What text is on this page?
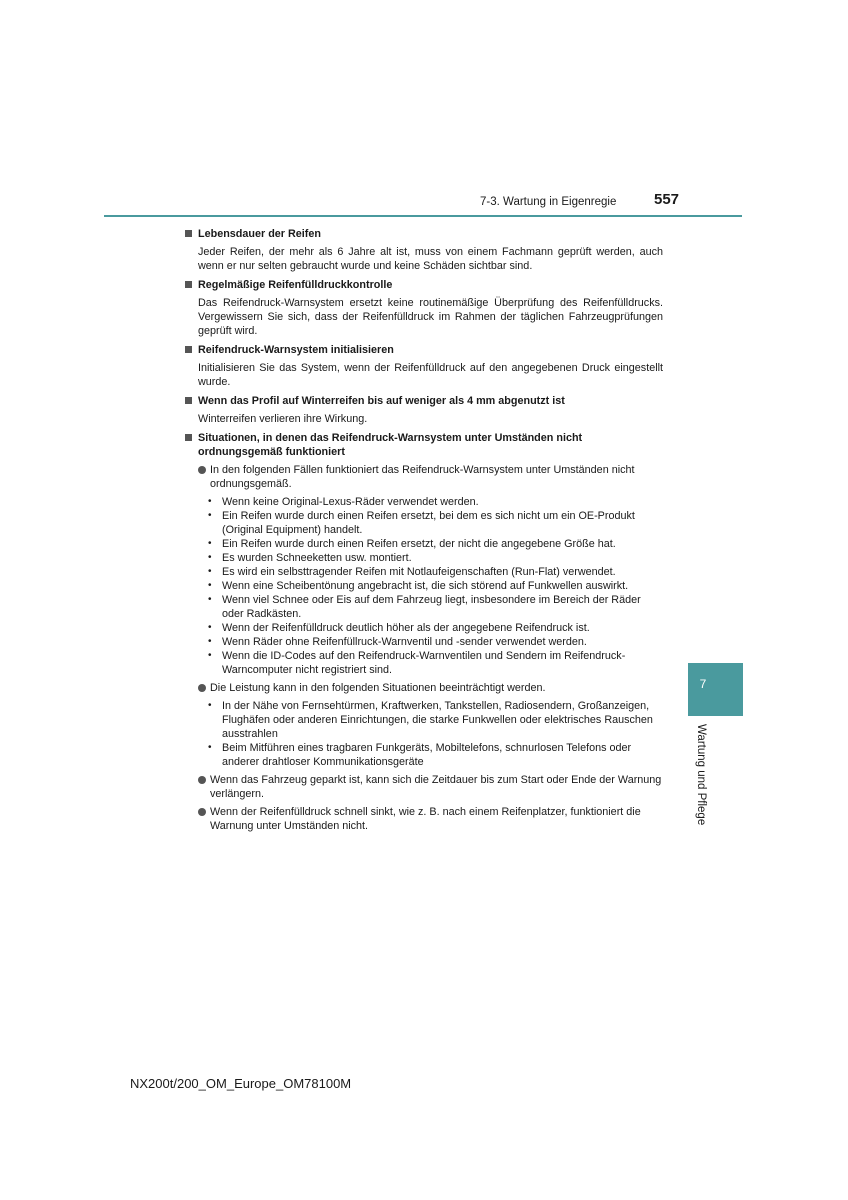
7-3. Wartung in Eigenregie	557
7
Wartung und Pflege
Lebensdauer der Reifen
Jeder Reifen, der mehr als 6 Jahre alt ist, muss von einem Fachmann geprüft werden, auch wenn er nur selten gebraucht wurde und keine Schäden sichtbar sind.
Regelmäßige Reifenfülldruckkontrolle
Das Reifendruck-Warnsystem ersetzt keine routinemäßige Überprüfung des Reifenfülldrucks. Vergewissern Sie sich, dass der Reifenfülldruck im Rahmen der täglichen Fahrzeugprüfungen geprüft wird.
Reifendruck-Warnsystem initialisieren
Initialisieren Sie das System, wenn der Reifenfülldruck auf den angegebenen Druck eingestellt wurde.
Wenn das Profil auf Winterreifen bis auf weniger als 4 mm abgenutzt ist
Winterreifen verlieren ihre Wirkung.
Situationen, in denen das Reifendruck-Warnsystem unter Umständen nicht ordnungsgemäß funktioniert
In den folgenden Fällen funktioniert das Reifendruck-Warnsystem unter Umständen nicht ordnungsgemäß.
• Wenn keine Original-Lexus-Räder verwendet werden.
• Ein Reifen wurde durch einen Reifen ersetzt, bei dem es sich nicht um ein OE-Produkt (Original Equipment) handelt.
• Ein Reifen wurde durch einen Reifen ersetzt, der nicht die angegebene Größe hat.
• Es wurden Schneeketten usw. montiert.
• Es wird ein selbsttragender Reifen mit Notlaufeigenschaften (Run-Flat) verwendet.
• Wenn eine Scheibentönung angebracht ist, die sich störend auf Funkwellen auswirkt.
• Wenn viel Schnee oder Eis auf dem Fahrzeug liegt, insbesondere im Bereich der Räder oder Radkästen.
• Wenn der Reifenfülldruck deutlich höher als der angegebene Reifendruck ist.
• Wenn Räder ohne Reifenfüllruck-Warnventil und -sender verwendet werden.
• Wenn die ID-Codes auf den Reifendruck-Warnventilen und Sendern im Reifendruck-Warncomputer nicht registriert sind.
Die Leistung kann in den folgenden Situationen beeinträchtigt werden.
• In der Nähe von Fernsehtürmen, Kraftwerken, Tankstellen, Radiosendern, Großanzeigen, Flughäfen oder anderen Einrichtungen, die starke Funkwellen oder elektrisches Rauschen ausstrahlen
• Beim Mitführen eines tragbaren Funkgeräts, Mobiltelefons, schnurlosen Telefons oder anderer drahtloser Kommunikationsgeräte
Wenn das Fahrzeug geparkt ist, kann sich die Zeitdauer bis zum Start oder Ende der Warnung verlängern.
Wenn der Reifenfülldruck schnell sinkt, wie z. B. nach einem Reifenplatzer, funktioniert die Warnung unter Umständen nicht.
NX200t/200_OM_Europe_OM78100M
